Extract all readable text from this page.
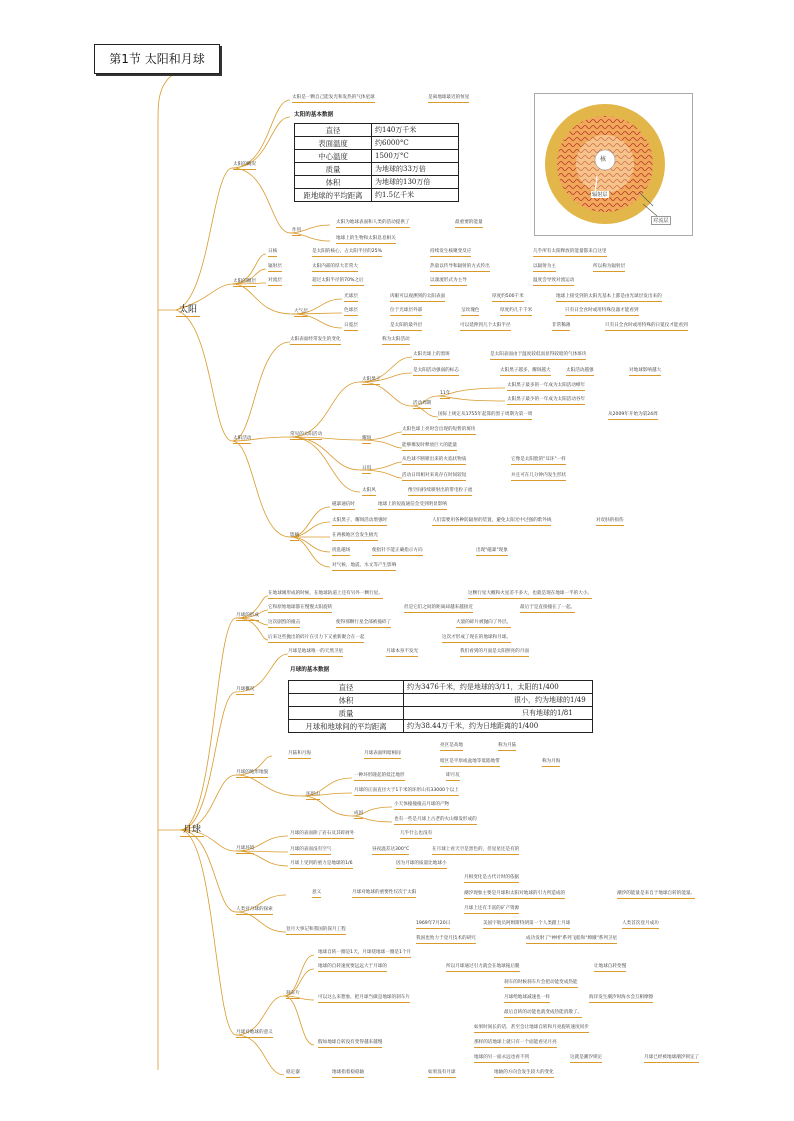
第1节 太阳和月球
太阳
月球
太阳的概况
太阳是一颗自己能发光和发热的气体星球	是离地球最近的恒星
太阳的基本数据
直径	约140万千米
表面温度	约6000°C
中心温度	1500万°C
质量	为地球的33万倍
体积	为地球的130万倍
距地球的平均距离	约1.5亿千米
作用
太阳为地球表面和人类的活动提供了	最重要的能量
地球上的生物和太阳息息相关
核
辐射层
对流层
太阳的圈层
日核	是太阳的核心，占太阳半径的25%	持续发生核聚变反应	几乎所有太阳释放的能量都来自这里
辐射层	太阳内部的厚大非常大	热量以传导和辐射的方式传出	以辐射为主	所以称为辐射层
对流层	超过太阳半径的70%之后	以湍流形式为主导	温度会导致对流运动
大气层
光球层	肉眼可以观测到的太阳表面	厚度约500千米	地球上接受到的太阳光基本上都是由光球层发出来的
色球层	位于光球层外部	呈玫瑰色	厚度约几千千米	只有日全食时或用特殊仪器才能看到
日冕层	是太阳的最外层	可以延伸到几个太阳半径	非常稀薄	只有日全食时或用特殊的日冕仪才能看到
太阳活动
太阳表面经常发生的变化	称为太阳活动
常见的太阳活动
太阳黑子
太阳光球上的黑斑	是太阳表面由于温度较低而显得较暗的气体斑块
是太阳活动强弱的标志	太阳黑子越多，耀斑越大	太阳活动越强	对地球影响越大
活动周期
11年
太阳黑子最多的一年成为太阳活动峰年
太阳黑子最少的一年成为太阳活动谷年
国际上规定从1755年起算的黑子周期为第一周	从2009年开始为第24周
耀斑
太阳色球上亮时会出现的短暂的斑块
能够爆发时释放巨大的能量
日珥
从色球不断喷出来的火焰状物质	它像是太阳脸的"耳环"一样
活动日珥相对来说存在时间较短	并且可在几分钟内发生形状
太阳风	像空间持续喷射出的带电粒子流
影响
磁暴通信时	地球上的短波通信会受到明显影响
太阳黑子、耀斑活动增强时	人们需要用各种防辐射的装置，避免太阳光中过强的紫外线	对皮肤的损伤
在两极地区会发生极光
扰乱磁场	使指针不能正确指示方向	出现"磁暴"现象
对气候、地震、水文等产生影响
月球的形成
在地球刚形成的时候，在地球轨道上还有另外一颗行星。	这颗行星大概和火星差不多大，也就是现在地球一半的大小。
它和原始地球都在慢慢太阳旋转	但是它们之间的距离却越来越接近	最后于是直接撞在了一起。
这次剧烈的撞击	使得那颗行星全部被撞碎了	大量的碎片被抛向了外层。
后来这些抛出的碎片在引力下又重新聚合在一起	这次才形成了现在的地球和月球。
月球概况
月球是地球唯一的天然卫星	月球本身不发光	我们看到的月面是太阳照亮的月面
月球的基本数据
直径	约为3476千米，约是地球的3/11，太阳的1/400
体积	很小，约为地球的1/49
质量	只有地球的1/81
月球和地球间的平均距离	约为38.44万千米，约为日地距离的1/400
月球的地形地貌
月陆和月海	月球表面明暗相间
亮区是高地	称为月陆
暗区是平原或盆地等低陷地带	称为月海
环形山
一种环形隆起的低洼地形	即月坑
月球的正面直径大于1千米的环形山有33000个以上
成因
小天体撞撞撞击月球的产物
也有一些是月球上古老的火山爆发形成的
月球环境
月球的表面除了岩石及其碎屑外	几乎什么也没有
月球的表面没有空气	昼夜温差达300°C	在月球上看天空是黑色的，但星星还是有的
月球上受到的重力是地球的1/6	因为月球的质量比地球小
人类对月球的探索
意义	月球对地球的重要性仅次于太阳
月相变化是古代计时的依据
潮汐现象主要是月球和太阳对地球的引力所造成的	潮汐的能量是来自于地球自转的能量。
月球上还有丰富的矿产资源
登月大事记和我国的探月工程
1969年7月20日	美国宇航员阿姆斯特朗第一个人类踏上月球	人类首次登月成功
我国也致力于登月技术的研究	成功发射了"神州"系列飞船和"嫦娥"系列卫星
月球对地球的意义
刹车片
地球自转一圈是1天，月球绕地球一圈是1个月
地球的自转速度要远远大于月球的	所以月球通过引力就会在地球拖后腿	让地球自转变慢
可以这么来想象，把月球当做是地球的刹车片
刹车的时候刹车片会把动能变成热能
月球给地球减速也一样	海洋发生潮汐时海水会互相摩擦
最后自转的动能也就变成热能消散了。
假如地球自转没有变得越来越慢
如果时间长的话，甚至会让地球自转和月亮旋转速度同步
那样的话地球上就只有一个面能看见月亮
地球的另一面永远也看不到	这就是潮汐锁定	月球已经被地球潮汐锁定了
稳定器	地球指着稳稳轴	如果没有月球	地轴的方向会发生较大的变化
